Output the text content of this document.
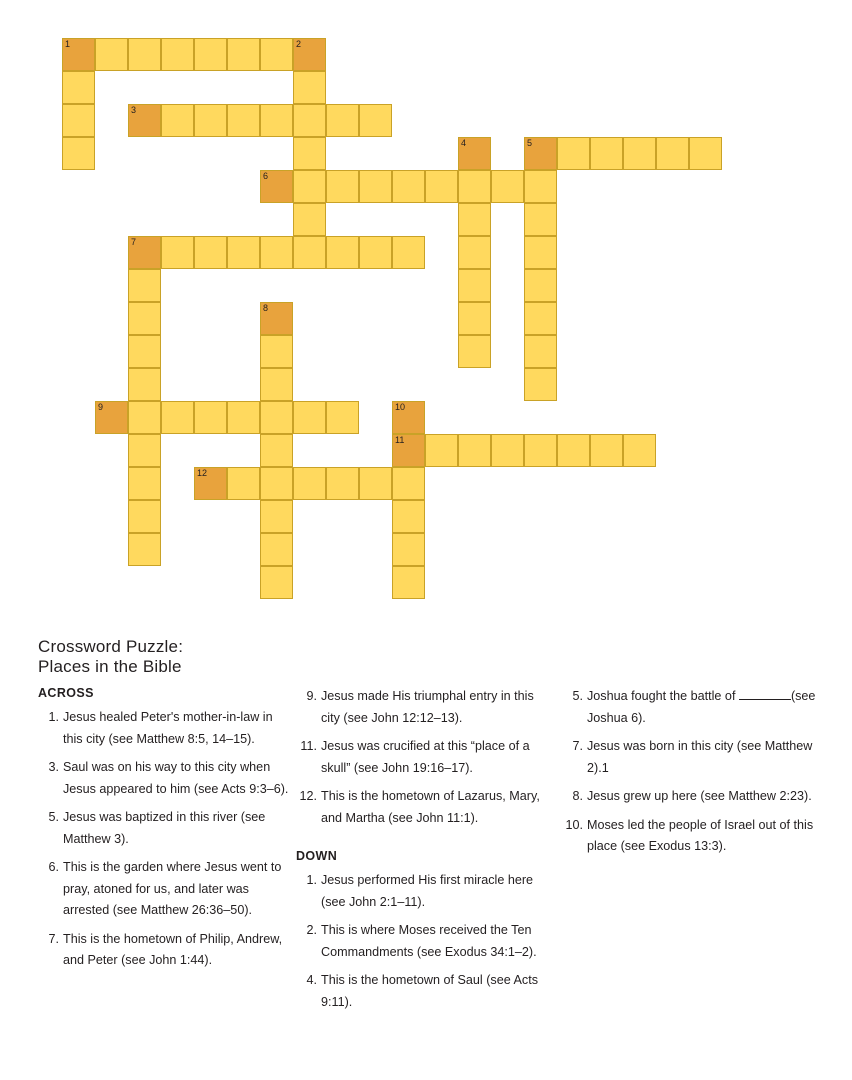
1	2
3
4	5
6
7
8
9	10
11
12
Crossword Puzzle:
Places in the Bible
ACROSS
1. Jesus healed Peter's mother-in-law in this city (see Matthew 8:5, 14–15).
3. Saul was on his way to this city when Jesus appeared to him (see Acts 9:3–6).
5. Jesus was baptized in this river (see Matthew 3).
6. This is the garden where Jesus went to pray, atoned for us, and later was arrested (see Matthew 26:36–50).
7. This is the hometown of Philip, Andrew, and Peter (see John 1:44).
9. Jesus made His triumphal entry in this city (see John 12:12–13).
11. Jesus was crucified at this “place of a skull” (see John 19:16–17).
12. This is the hometown of Lazarus, Mary, and Martha (see John 11:1).
DOWN
1. Jesus performed His first miracle here (see John 2:1–11).
2. This is where Moses received the Ten Commandments (see Exodus 34:1–2).
4. This is the hometown of Saul (see Acts 9:11).
5. Joshua fought the battle of	(see Joshua 6).
7. Jesus was born in this city (see Matthew 2).1
8. Jesus grew up here (see Matthew 2:23).
10. Moses led the people of Israel out of this place (see Exodus 13:3).
